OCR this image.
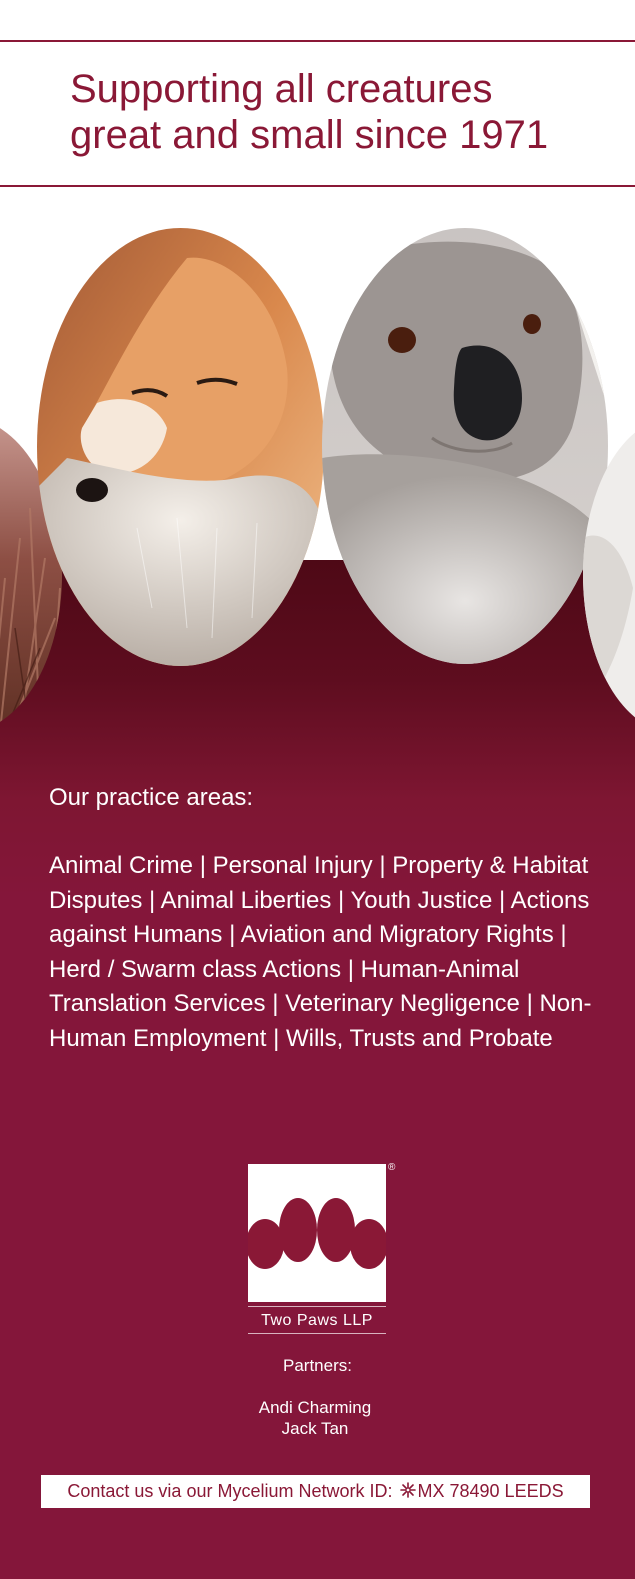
Supporting all creatures
great and small since 1971
Our practice areas:
Animal Crime | Personal Injury | Property & Habitat Disputes | Animal Liberties | Youth Justice | Actions against Humans | Aviation and Migratory Rights | Herd / Swarm class Actions | Human-Animal Translation Services | Veterinary Negligence | Non-Human Employment | Wills, Trusts and Probate
®
Two Paws LLP
Partners:
Andi Charming
Jack Tan
Contact us via our Mycelium Network ID: MX 78490 LEEDS
